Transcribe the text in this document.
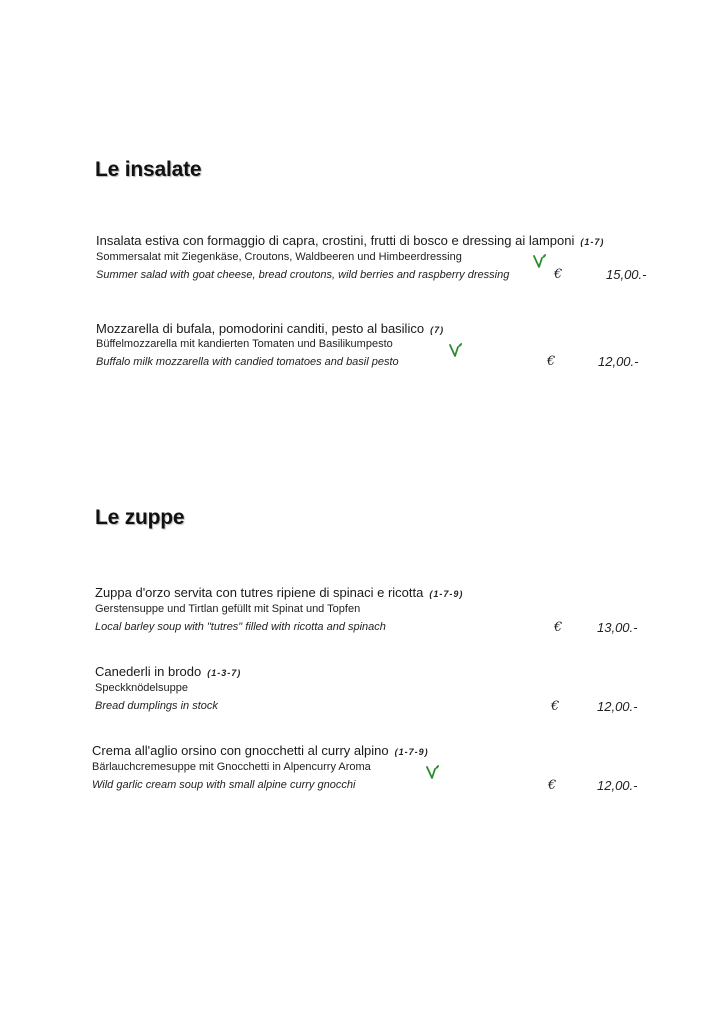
Le insalate
Insalata estiva con formaggio di capra, crostini, frutti di bosco e dressing ai lamponi (1-7)
Sommersalat mit Ziegenkäse, Croutons, Waldbeeren und Himbeerdressing
Summer salad with goat cheese, bread croutons, wild berries and raspberry dressing	€	15,00.-
Mozzarella di bufala, pomodorini canditi, pesto al basilico (7)
Büffelmozzarella mit kandierten Tomaten und Basilikumpesto
Buffalo milk mozzarella with candied tomatoes and basil pesto	€	12,00.-
Le zuppe
Zuppa d'orzo servita con tutres ripiene di spinaci e ricotta (1-7-9)
Gerstensuppe und Tirtlan gefüllt mit Spinat und Topfen
Local barley soup with "tutres" filled with ricotta and spinach	€	13,00.-
Canederli in brodo (1-3-7)
Speckknödelsuppe
Bread dumplings in stock	€	12,00.-
Crema all'aglio orsino con gnocchetti al curry alpino (1-7-9)
Bärlauchcremesuppe mit Gnocchetti in Alpencurry Aroma
Wild garlic cream soup with small alpine curry gnocchi	€	12,00.-
